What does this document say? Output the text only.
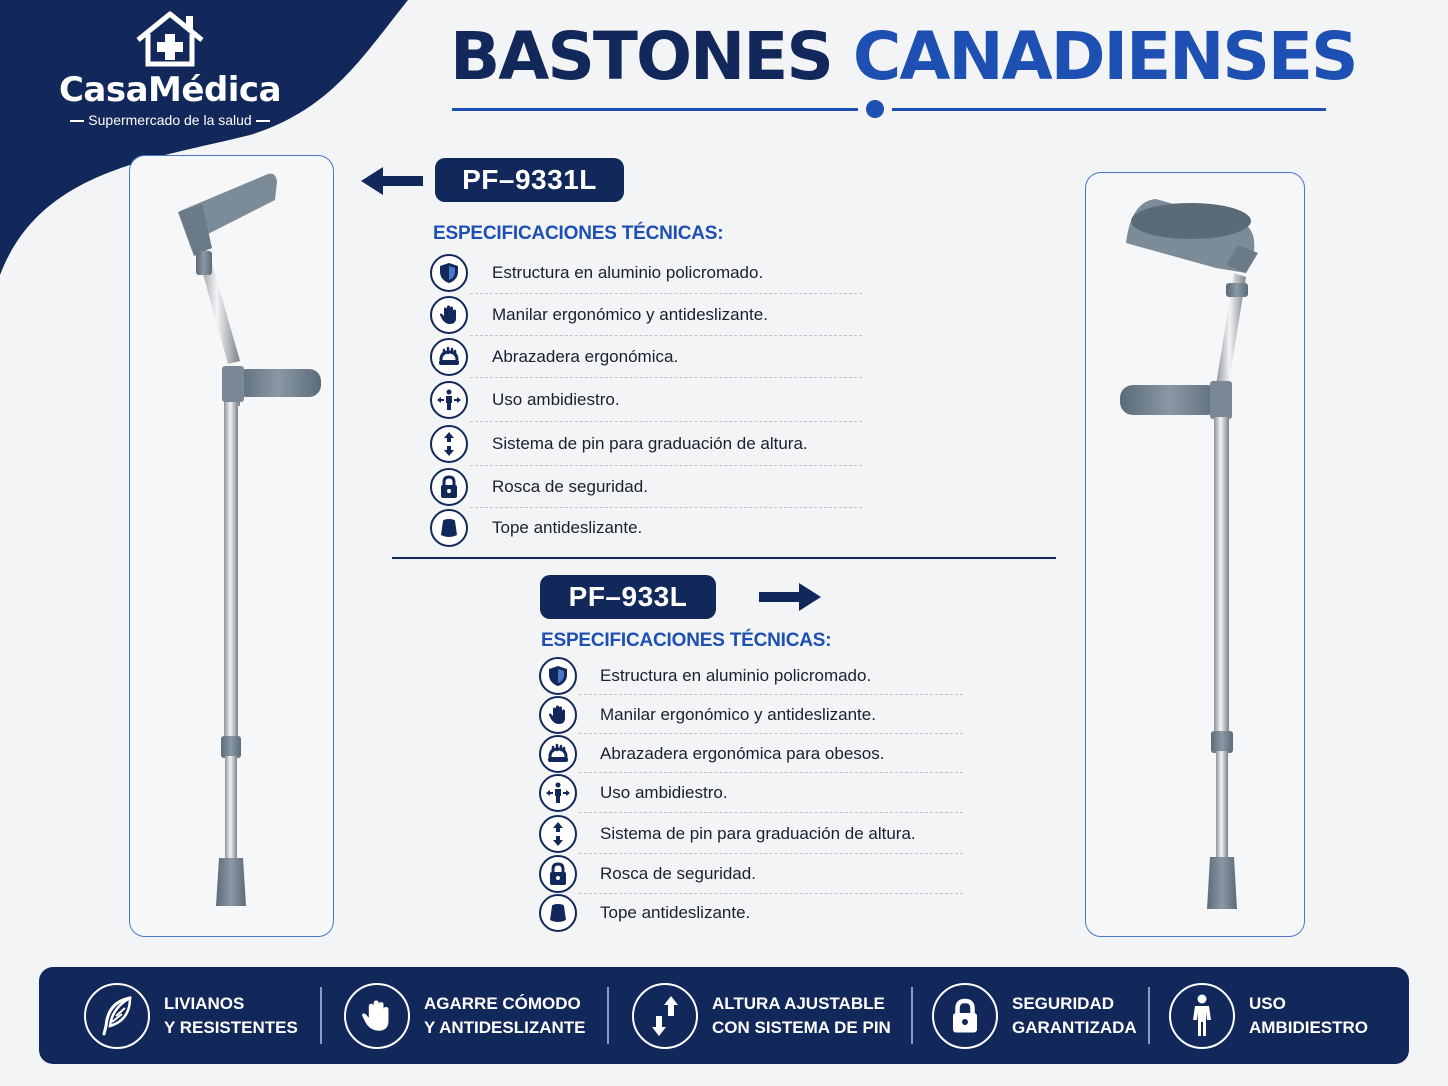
CasaMédica
Supermercado de la salud
BASTONES CANADIENSES
PF–9331L
ESPECIFICACIONES TÉCNICAS:
Estructura en aluminio policromado.
Manilar ergonómico y antideslizante.
Abrazadera ergonómica.
Uso ambidiestro.
Sistema de pin para graduación de altura.
Rosca de seguridad.
Tope antideslizante.
PF–933L
ESPECIFICACIONES TÉCNICAS:
Estructura en aluminio policromado.
Manilar ergonómico y antideslizante.
Abrazadera ergonómica para obesos.
Uso ambidiestro.
Sistema de pin para graduación de altura.
Rosca de seguridad.
Tope antideslizante.
LIVIANOS
Y RESISTENTES
AGARRE CÓMODO
Y ANTIDESLIZANTE
ALTURA AJUSTABLE
CON SISTEMA DE PIN
SEGURIDAD
GARANTIZADA
USO
AMBIDIESTRO
